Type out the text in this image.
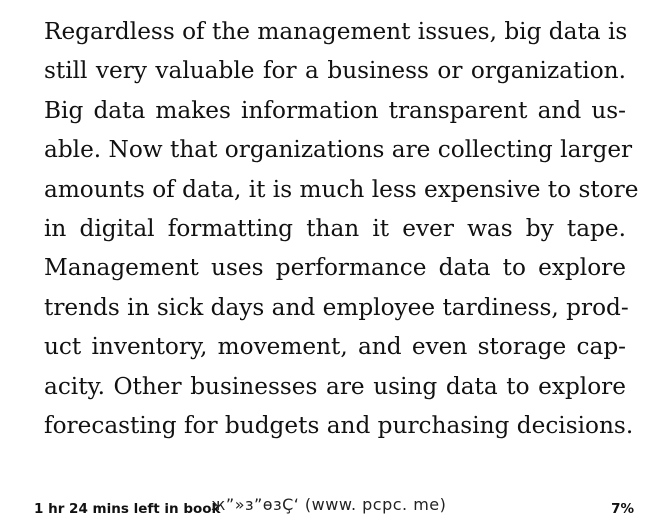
Regardless of the management issues, big data is
still very valuable for a business or organization.
Big data makes information transparent and us-
able. Now that organizations are collecting larger
amounts of data, it is much less expensive to store
in digital formatting than it ever was by tape.
Management uses performance data to explore
trends in sick days and employee tardiness, prod-
uct inventory, movement, and even storage cap-
acity. Other businesses are using data to explore
forecasting for budgets and purchasing decisions.
1 hr 24 mins left in book
ж”»з”өзҪ‘ (www. pcpc. me)	7%
